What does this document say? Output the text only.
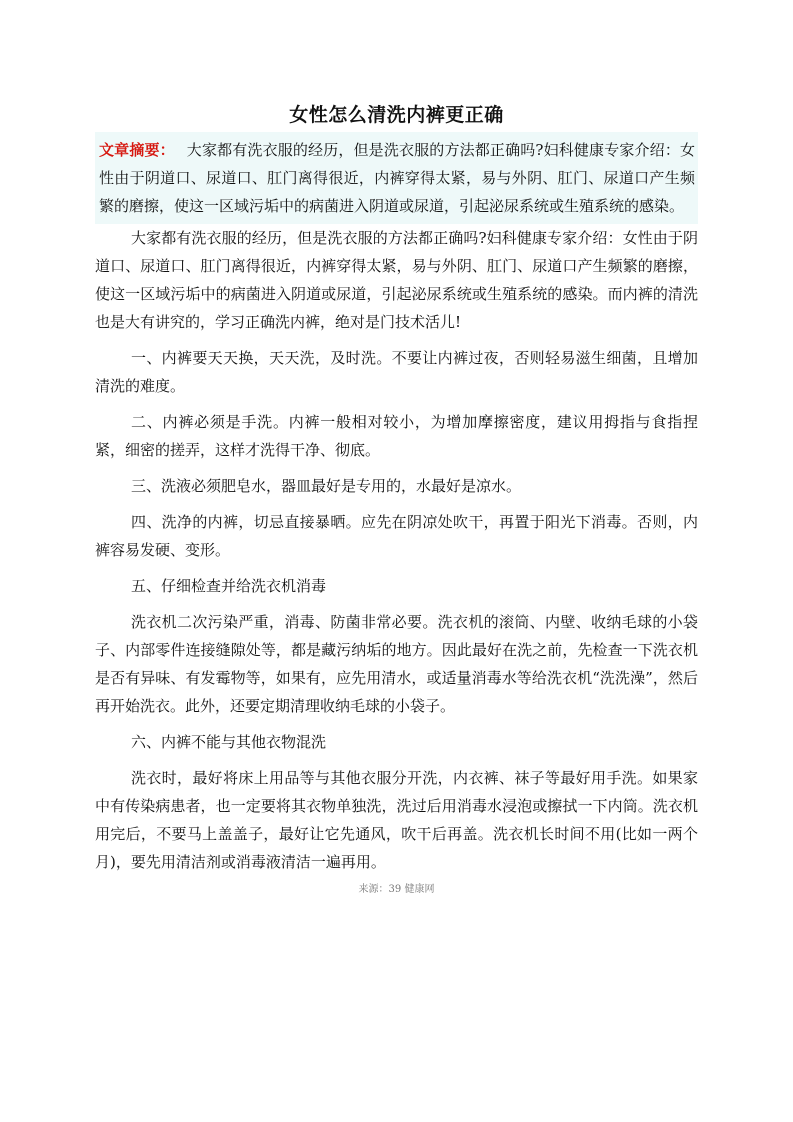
女性怎么清洗内裤更正确
文章摘要： 大家都有洗衣服的经历，但是洗衣服的方法都正确吗?妇科健康专家介绍：女性由于阴道口、尿道口、肛门离得很近，内裤穿得太紧，易与外阴、肛门、尿道口产生频繁的磨擦，使这一区域污垢中的病菌进入阴道或尿道，引起泌尿系统或生殖系统的感染。

大家都有洗衣服的经历，但是洗衣服的方法都正确吗?妇科健康专家介绍：女性由于阴道口、尿道口、肛门离得很近，内裤穿得太紧，易与外阴、肛门、尿道口产生频繁的磨擦，使这一区域污垢中的病菌进入阴道或尿道，引起泌尿系统或生殖系统的感染。而内裤的清洗也是大有讲究的，学习正确洗内裤，绝对是门技术活儿!

一、内裤要天天换，天天洗，及时洗。不要让内裤过夜，否则轻易滋生细菌，且增加清洗的难度。

二、内裤必须是手洗。内裤一般相对较小，为增加摩擦密度，建议用拇指与食指捏紧，细密的搓弄，这样才洗得干净、彻底。

三、洗液必须肥皂水，器皿最好是专用的，水最好是凉水。

四、洗净的内裤，切忌直接暴晒。应先在阴凉处吹干，再置于阳光下消毒。否则，内裤容易发硬、变形。

五、仔细检查并给洗衣机消毒

洗衣机二次污染严重，消毒、防菌非常必要。洗衣机的滚筒、内壁、收纳毛球的小袋子、内部零件连接缝隙处等，都是藏污纳垢的地方。因此最好在洗之前，先检查一下洗衣机是否有异味、有发霉物等，如果有，应先用清水，或适量消毒水等给洗衣机“洗洗澡”，然后再开始洗衣。此外，还要定期清理收纳毛球的小袋子。

六、内裤不能与其他衣物混洗

洗衣时，最好将床上用品等与其他衣服分开洗，内衣裤、袜子等最好用手洗。如果家中有传染病患者，也一定要将其衣物单独洗，洗过后用消毒水浸泡或擦拭一下内筒。洗衣机用完后，不要马上盖盖子，最好让它先通风，吹干后再盖。洗衣机长时间不用(比如一两个月)，要先用清洁剂或消毒液清洁一遍再用。

来源：39 健康网
